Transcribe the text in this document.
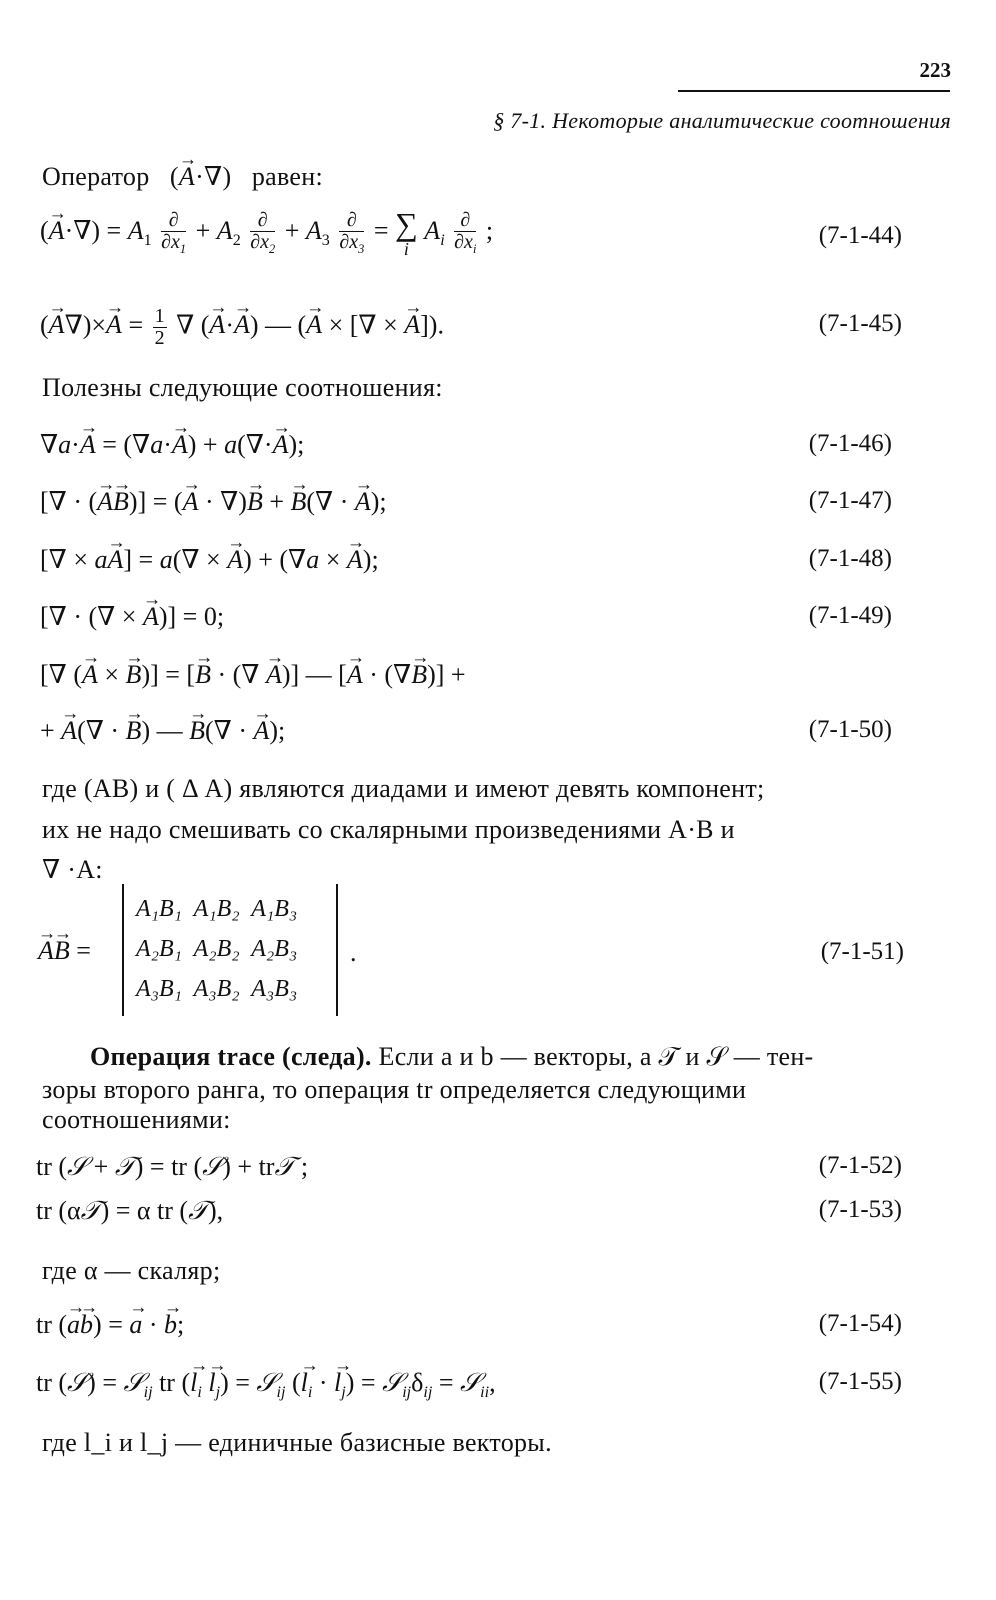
223
§ 7-1. Некоторые аналитические соотношения
Оператор   (→ A·∇)   равен:
(→ $A\cdot\nabla) = A_1 \frac{\partial}{\partial x_1} + A_2 \frac{\partial}{\partial x_2} + A_3 \frac{\partial}{\partial x_3}$ = ∑
i
$A_i \frac{\partial}{\partial x_i}$ ;	(7-1-44)
(→ $A\nabla)\times\to A = \frac{1}{2}$ ∇ (→ A·→ A) — (→ A × [∇ × → A]).	(7-1-45)
Полезны следующие соотношения:
∇a·→ A = (∇a·→ A) + a(∇·→ A);	(7-1-46)
[∇ · (→ A→ B)] = (→ A · ∇)→ B + → B(∇ · → A);	(7-1-47)
[∇ × a→ A] = a(∇ × → A) + (∇a × → A);	(7-1-48)
[∇ · (∇ × → A)] = 0;	(7-1-49)
[∇ (→ A × → B)] = [→ B · (∇ → A)] — [→ A · (∇→ B)] +
+ → A(∇ · → B) — → B(∇ · → A);	(7-1-50)
где (AB) и ( Δ A) являются диадами и имеют девять компонент;
их не надо смешивать со скалярными произведениями A·B и
∇ ·A:
→ A→ B =
A₁B₁ A₁B₂ A₁B₃
A₂B₁ A₂B₂ A₂B₃
A₃B₁ A₃B₂ A₃B₃
.	(7-1-51)
Операция trace (следа). Если a и b — векторы, а 𝒯 и 𝒮 — тен-
зоры второго ранга, то операция tr определяется следующими
соотношениями:
tr (𝒮 + 𝒯) = tr (𝒮) + tr𝒯 ;	(7-1-52)
tr (α𝒯) = α tr (𝒯),	(7-1-53)
где α — скаляр;
tr (→ a→ b) = → a · → b;	(7-1-54)
tr (𝒮) = 𝒮$_{ij}$ tr (→ $l_i \to l_j$) = 𝒮$_{ij}$ (→ $l_i$ · → $l_j$) = $𝒮_{ij}\delta_{ij}$ = 𝒮$_{ii}$,	(7-1-55)
где l_i и l_j — единичные базисные векторы.
